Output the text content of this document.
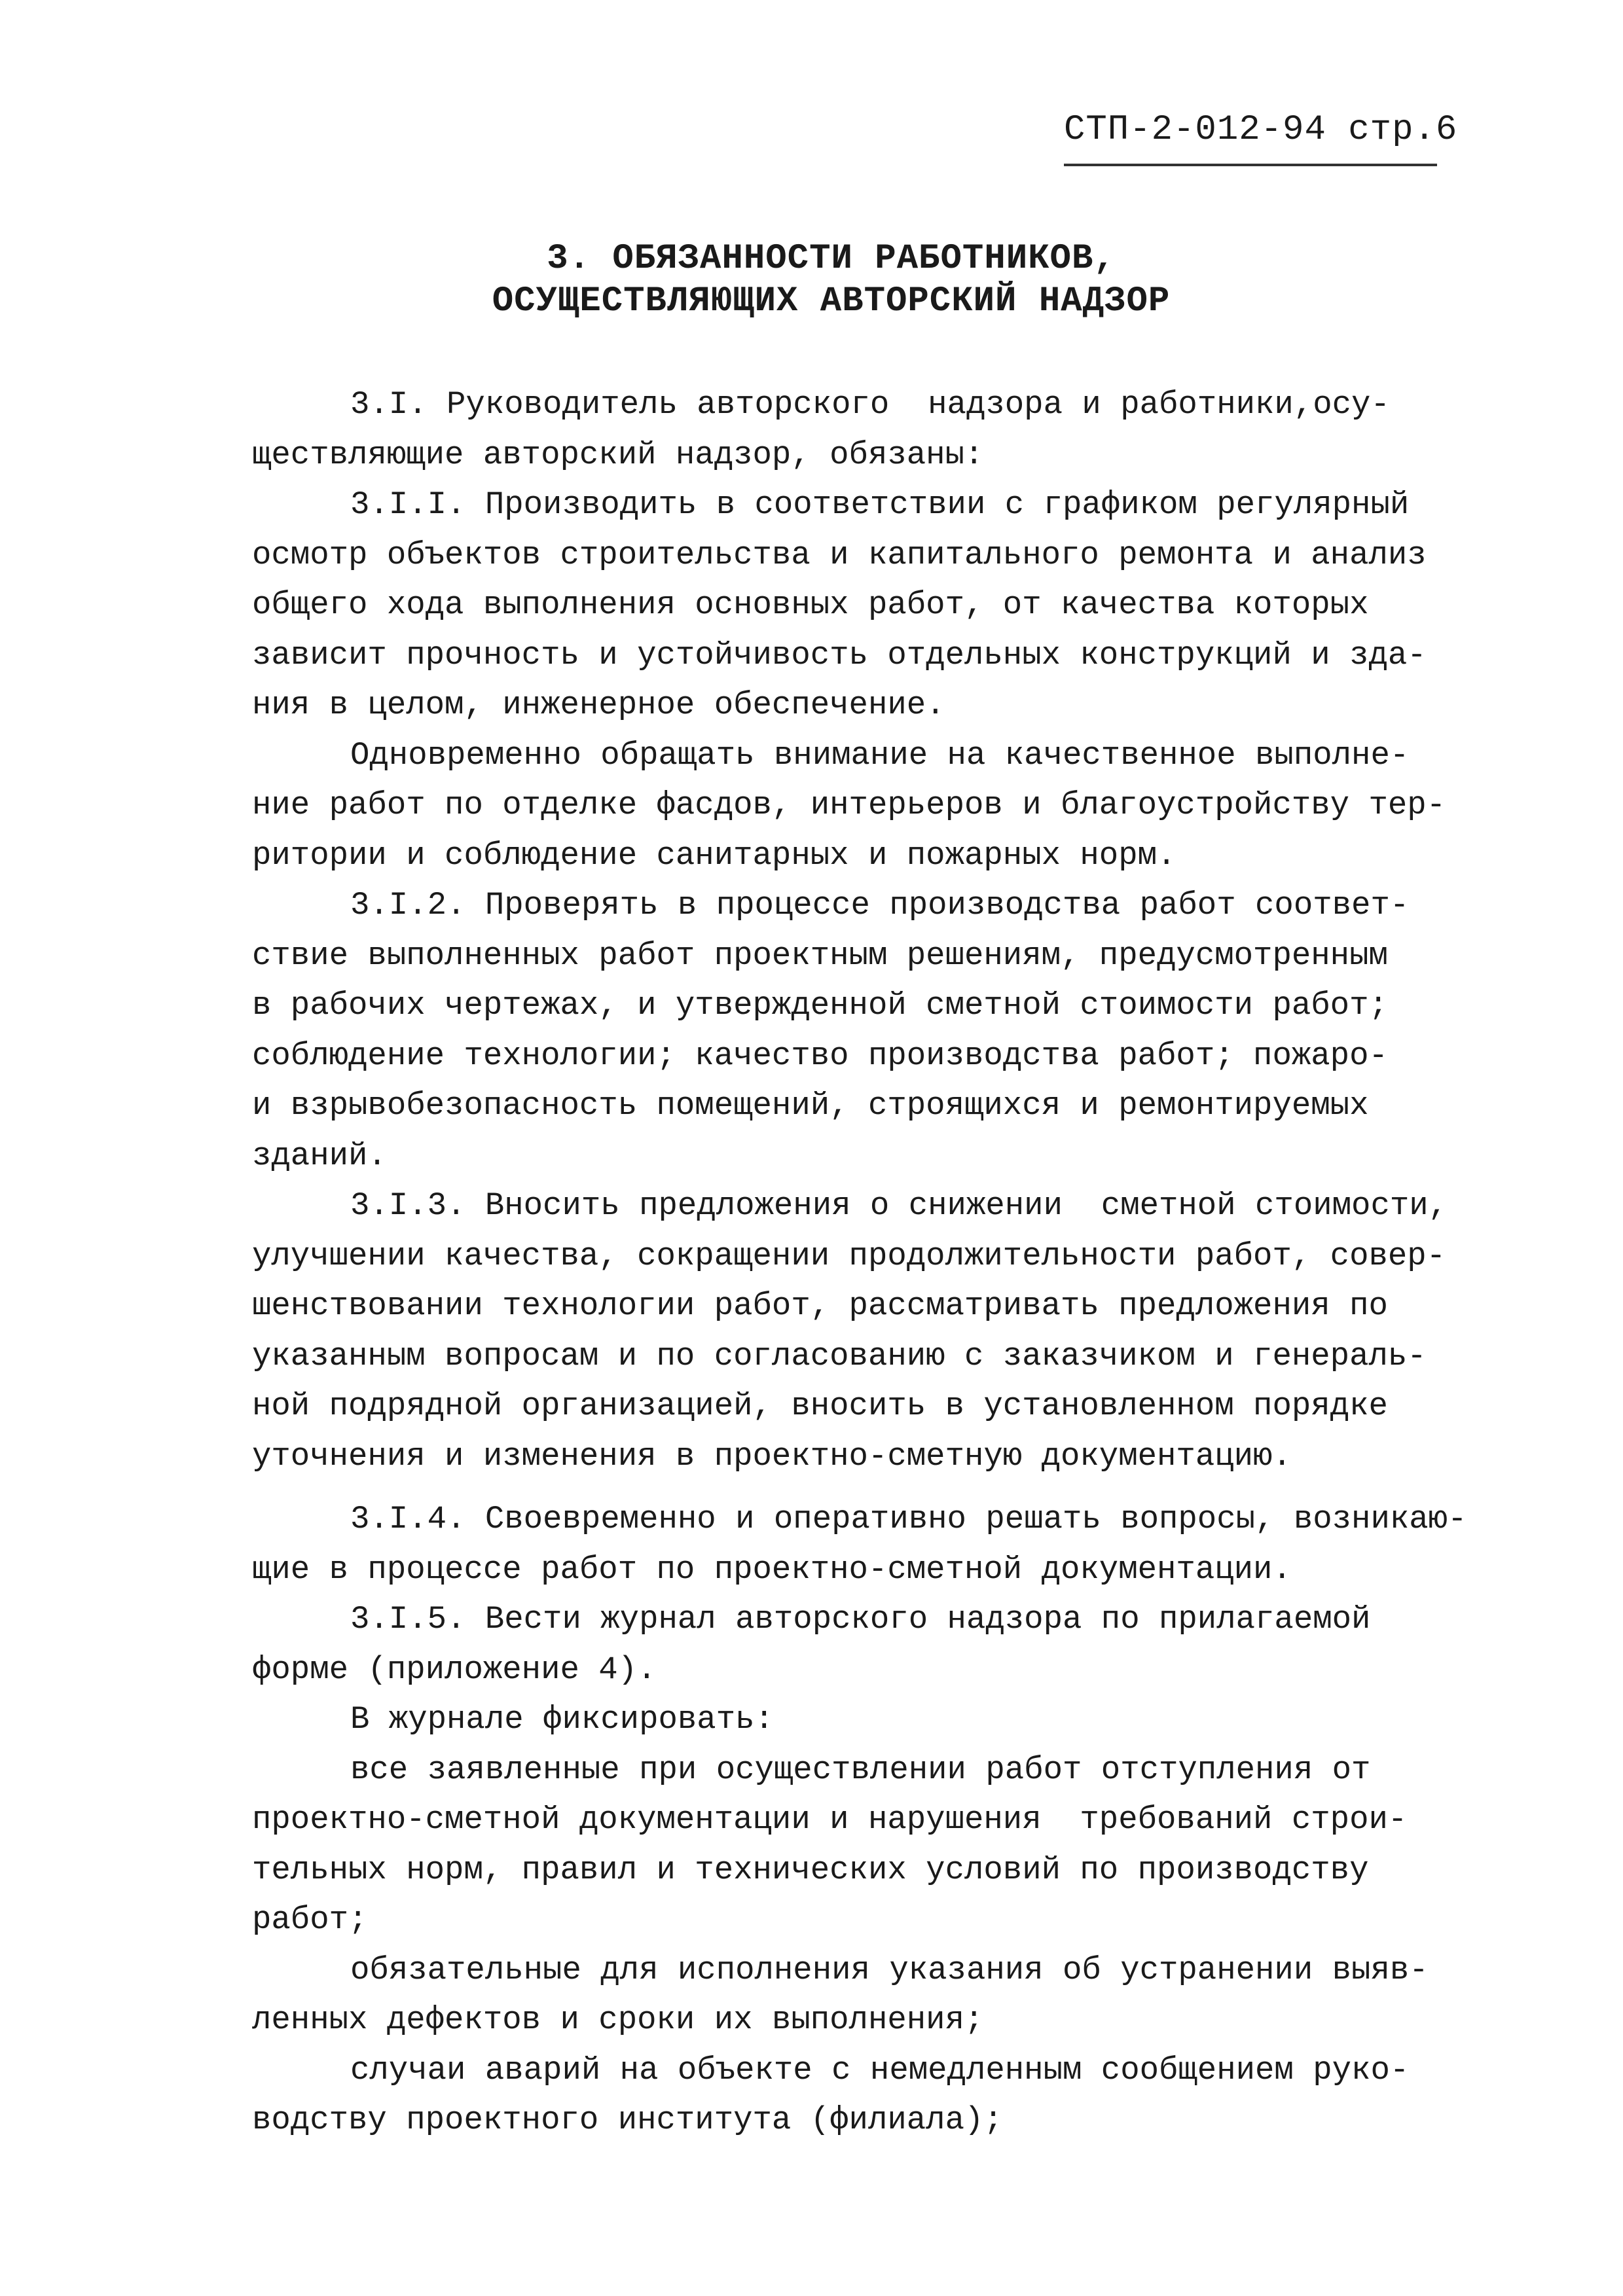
СТП-2-012-94 стр.6
3. ОБЯЗАННОСТИ РАБОТНИКОВ,
ОСУЩЕСТВЛЯЮЩИХ АВТОРСКИЙ НАДЗОР
3.I. Руководитель авторского  надзора и работники,осу-
ществляющие авторский надзор, обязаны:
3.I.I. Производить в соответствии с графиком регулярный
осмотр объектов строительства и капитального ремонта и анализ
общего хода выполнения основных работ, от качества которых
зависит прочность и устойчивость отдельных конструкций и зда-
ния в целом, инженерное обеспечение.
Одновременно обращать внимание на качественное выполне-
ние работ по отделке фасдов, интерьеров и благоустройству тер-
ритории и соблюдение санитарных и пожарных норм.
3.I.2. Проверять в процессе производства работ соответ-
ствие выполненных работ проектным решениям, предусмотренным
в рабочих чертежах, и утвержденной сметной стоимости работ;
соблюдение технологии; качество производства работ; пожаро-
и взрывобезопасность помещений, строящихся и ремонтируемых
зданий.
3.I.3. Вносить предложения о снижении  сметной стоимости,
улучшении качества, сокращении продолжительности работ, совер-
шенствовании технологии работ, рассматривать предложения по
указанным вопросам и по согласованию с заказчиком и генераль-
ной подрядной организацией, вносить в установленном порядке
уточнения и изменения в проектно-сметную документацию.
3.I.4. Своевременно и оперативно решать вопросы, возникаю-
щие в процессе работ по проектно-сметной документации.
3.I.5. Вести журнал авторского надзора по прилагаемой
форме (приложение 4).
В журнале фиксировать:
все заявленные при осуществлении работ отступления от
проектно-сметной документации и нарушения  требований строи-
тельных норм, правил и технических условий по производству
работ;
обязательные для исполнения указания об устранении выяв-
ленных дефектов и сроки их выполнения;
случаи аварий на объекте с немедленным сообщением руко-
водству проектного института (филиала);
